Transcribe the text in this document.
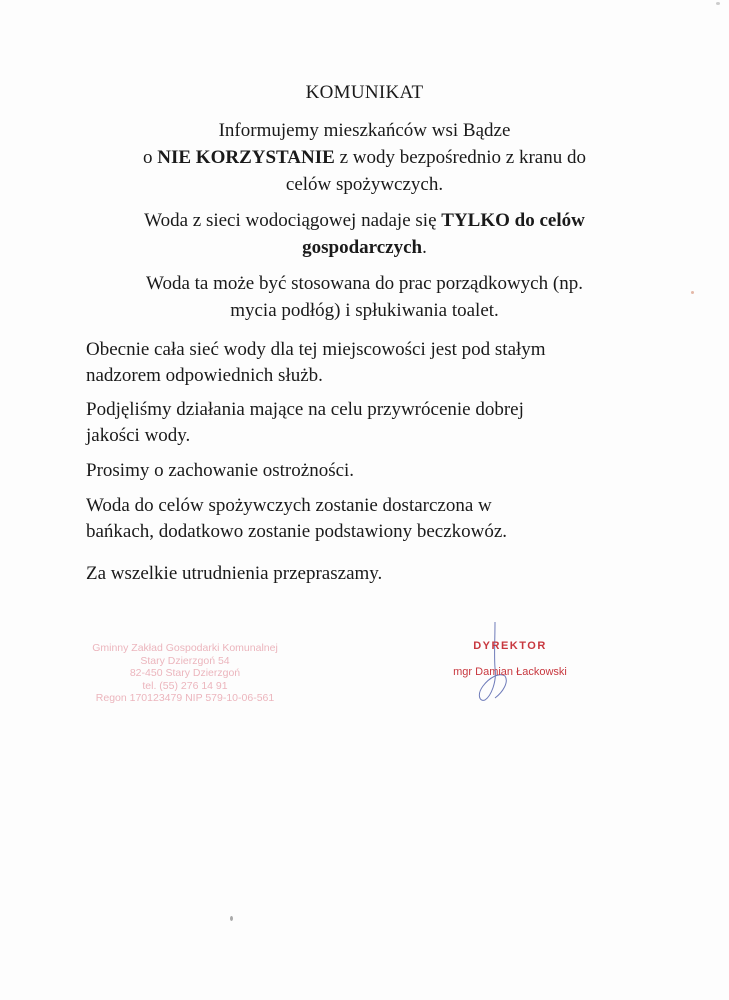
KOMUNIKAT
Informujemy mieszkańców wsi Bądze
o NIE KORZYSTANIE z wody bezpośrednio z kranu do
celów spożywczych.
Woda z sieci wodociągowej nadaje się TYLKO do celów
gospodarczych.
Woda ta może być stosowana do prac porządkowych (np.
mycia podłóg) i spłukiwania toalet.
Obecnie cała sieć wody dla tej miejscowości jest pod stałym
nadzorem odpowiednich służb.
Podjęliśmy działania mające na celu przywrócenie dobrej
jakości wody.
Prosimy o zachowanie ostrożności.
Woda do celów spożywczych zostanie dostarczona w
bańkach, dodatkowo zostanie podstawiony beczkowóz.
Za wszelkie utrudnienia przepraszamy.
Gminny Zakład Gospodarki Komunalnej
Stary Dzierzgoń 54
82-450 Stary Dzierzgoń
tel. (55) 276 14 91
Regon 170123479 NIP 579-10-06-561
DYREKTOR
mgr Damian Łackowski
